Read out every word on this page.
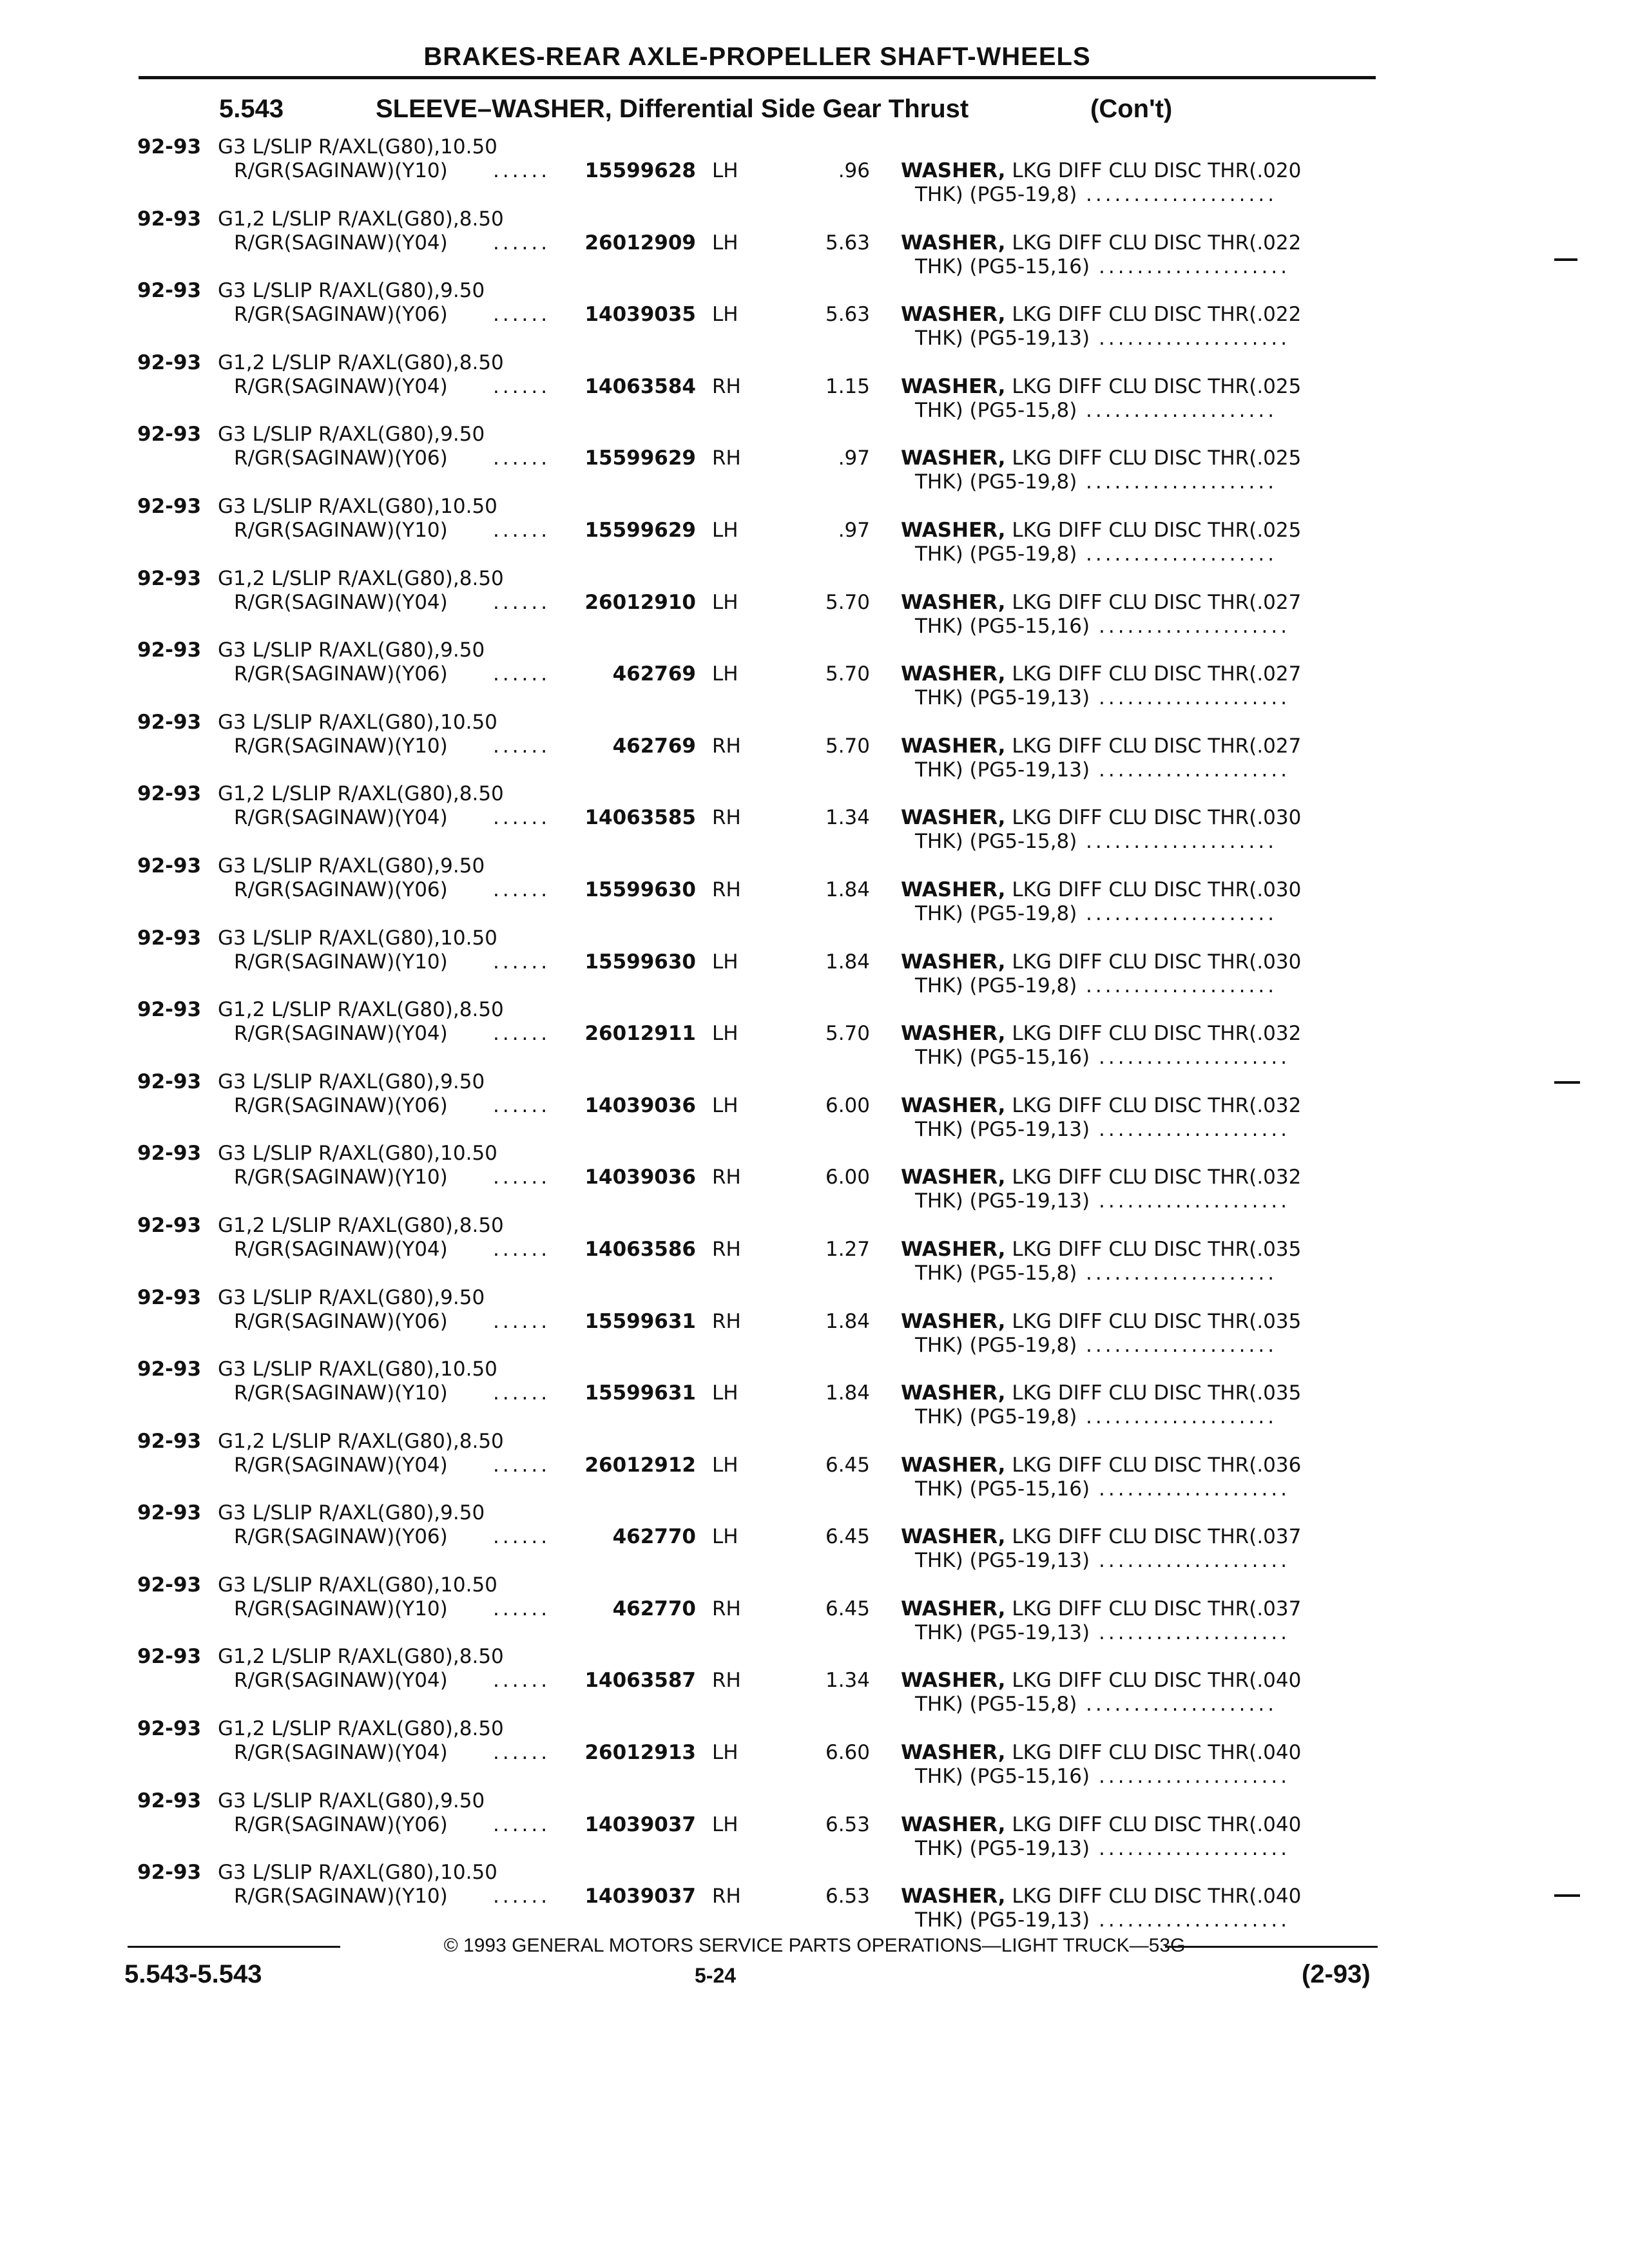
BRAKES-REAR AXLE-PROPELLER SHAFT-WHEELS
5.543	SLEEVE–WASHER, Differential Side Gear Thrust	(Con't)
92-93 G3 L/SLIP R/AXL(G80),10.50
R/GR(SAGINAW)(Y10) ......	15599628 LH	.96 WASHER, LKG DIFF CLU DISC THR(.020
THK) (PG5-19,8) ....................
92-93 G1,2 L/SLIP R/AXL(G80),8.50
R/GR(SAGINAW)(Y04) ......	26012909 LH	5.63 WASHER, LKG DIFF CLU DISC THR(.022
THK) (PG5-15,16) ....................
92-93 G3 L/SLIP R/AXL(G80),9.50
R/GR(SAGINAW)(Y06) ......	14039035 LH	5.63 WASHER, LKG DIFF CLU DISC THR(.022
THK) (PG5-19,13) ....................
92-93 G1,2 L/SLIP R/AXL(G80),8.50
R/GR(SAGINAW)(Y04) ......	14063584 RH	1.15 WASHER, LKG DIFF CLU DISC THR(.025
THK) (PG5-15,8) ....................
92-93 G3 L/SLIP R/AXL(G80),9.50
R/GR(SAGINAW)(Y06) ......	15599629 RH	.97 WASHER, LKG DIFF CLU DISC THR(.025
THK) (PG5-19,8) ....................
92-93 G3 L/SLIP R/AXL(G80),10.50
R/GR(SAGINAW)(Y10) ......	15599629 LH	.97 WASHER, LKG DIFF CLU DISC THR(.025
THK) (PG5-19,8) ....................
92-93 G1,2 L/SLIP R/AXL(G80),8.50
R/GR(SAGINAW)(Y04) ......	26012910 LH	5.70 WASHER, LKG DIFF CLU DISC THR(.027
THK) (PG5-15,16) ....................
92-93 G3 L/SLIP R/AXL(G80),9.50
R/GR(SAGINAW)(Y06) ......	462769 LH	5.70 WASHER, LKG DIFF CLU DISC THR(.027
THK) (PG5-19,13) ....................
92-93 G3 L/SLIP R/AXL(G80),10.50
R/GR(SAGINAW)(Y10) ......	462769 RH	5.70 WASHER, LKG DIFF CLU DISC THR(.027
THK) (PG5-19,13) ....................
92-93 G1,2 L/SLIP R/AXL(G80),8.50
R/GR(SAGINAW)(Y04) ......	14063585 RH	1.34 WASHER, LKG DIFF CLU DISC THR(.030
THK) (PG5-15,8) ....................
92-93 G3 L/SLIP R/AXL(G80),9.50
R/GR(SAGINAW)(Y06) ......	15599630 RH	1.84 WASHER, LKG DIFF CLU DISC THR(.030
THK) (PG5-19,8) ....................
92-93 G3 L/SLIP R/AXL(G80),10.50
R/GR(SAGINAW)(Y10) ......	15599630 LH	1.84 WASHER, LKG DIFF CLU DISC THR(.030
THK) (PG5-19,8) ....................
92-93 G1,2 L/SLIP R/AXL(G80),8.50
R/GR(SAGINAW)(Y04) ......	26012911 LH	5.70 WASHER, LKG DIFF CLU DISC THR(.032
THK) (PG5-15,16) ....................
92-93 G3 L/SLIP R/AXL(G80),9.50
R/GR(SAGINAW)(Y06) ......	14039036 LH	6.00 WASHER, LKG DIFF CLU DISC THR(.032
THK) (PG5-19,13) ....................
92-93 G3 L/SLIP R/AXL(G80),10.50
R/GR(SAGINAW)(Y10) ......	14039036 RH	6.00 WASHER, LKG DIFF CLU DISC THR(.032
THK) (PG5-19,13) ....................
92-93 G1,2 L/SLIP R/AXL(G80),8.50
R/GR(SAGINAW)(Y04) ......	14063586 RH	1.27 WASHER, LKG DIFF CLU DISC THR(.035
THK) (PG5-15,8) ....................
92-93 G3 L/SLIP R/AXL(G80),9.50
R/GR(SAGINAW)(Y06) ......	15599631 RH	1.84 WASHER, LKG DIFF CLU DISC THR(.035
THK) (PG5-19,8) ....................
92-93 G3 L/SLIP R/AXL(G80),10.50
R/GR(SAGINAW)(Y10) ......	15599631 LH	1.84 WASHER, LKG DIFF CLU DISC THR(.035
THK) (PG5-19,8) ....................
92-93 G1,2 L/SLIP R/AXL(G80),8.50
R/GR(SAGINAW)(Y04) ......	26012912 LH	6.45 WASHER, LKG DIFF CLU DISC THR(.036
THK) (PG5-15,16) ....................
92-93 G3 L/SLIP R/AXL(G80),9.50
R/GR(SAGINAW)(Y06) ......	462770 LH	6.45 WASHER, LKG DIFF CLU DISC THR(.037
THK) (PG5-19,13) ....................
92-93 G3 L/SLIP R/AXL(G80),10.50
R/GR(SAGINAW)(Y10) ......	462770 RH	6.45 WASHER, LKG DIFF CLU DISC THR(.037
THK) (PG5-19,13) ....................
92-93 G1,2 L/SLIP R/AXL(G80),8.50
R/GR(SAGINAW)(Y04) ......	14063587 RH	1.34 WASHER, LKG DIFF CLU DISC THR(.040
THK) (PG5-15,8) ....................
92-93 G1,2 L/SLIP R/AXL(G80),8.50
R/GR(SAGINAW)(Y04) ......	26012913 LH	6.60 WASHER, LKG DIFF CLU DISC THR(.040
THK) (PG5-15,16) ....................
92-93 G3 L/SLIP R/AXL(G80),9.50
R/GR(SAGINAW)(Y06) ......	14039037 LH	6.53 WASHER, LKG DIFF CLU DISC THR(.040
THK) (PG5-19,13) ....................
92-93 G3 L/SLIP R/AXL(G80),10.50
R/GR(SAGINAW)(Y10) ......	14039037 RH	6.53 WASHER, LKG DIFF CLU DISC THR(.040
THK) (PG5-19,13) ....................
© 1993 GENERAL MOTORS SERVICE PARTS OPERATIONS—LIGHT TRUCK—53G
5.543-5.543	5-24	(2-93)
